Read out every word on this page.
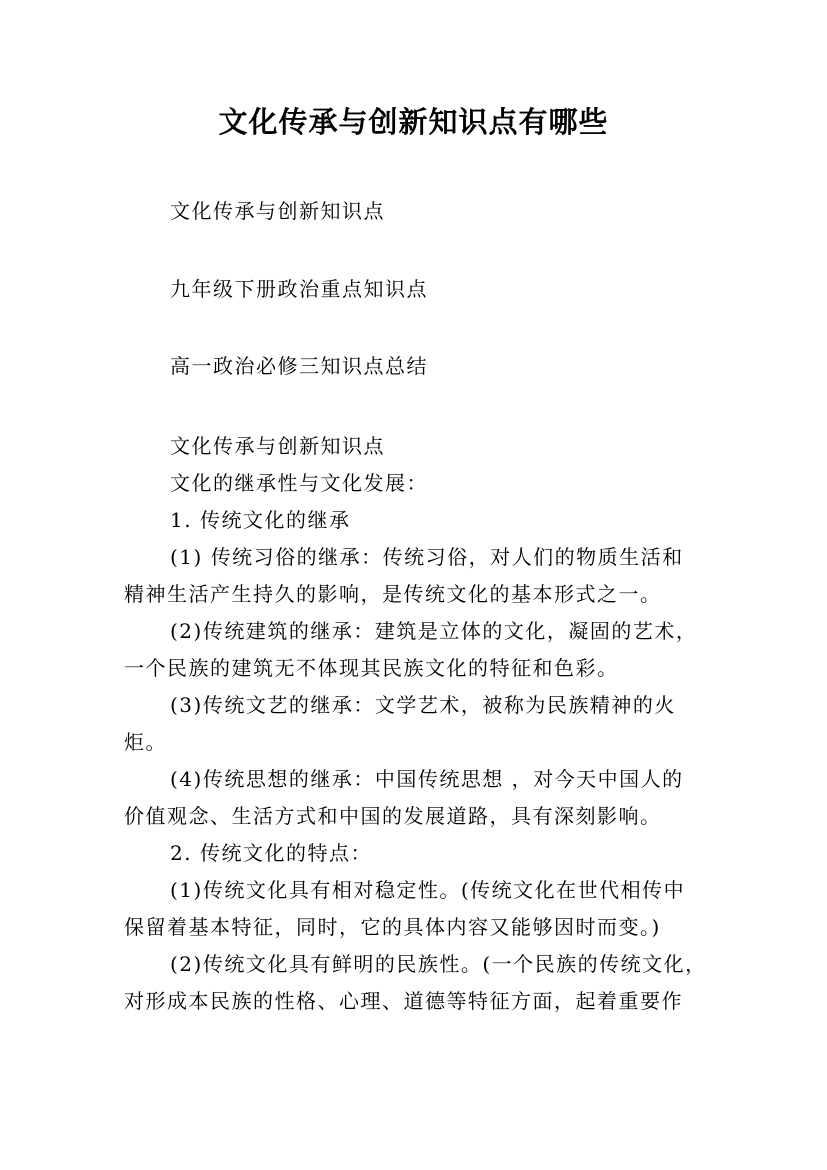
文化传承与创新知识点有哪些

文化传承与创新知识点

九年级下册政治重点知识点

高一政治必修三知识点总结

文化传承与创新知识点

文化的继承性与文化发展：

1. 传统文化的继承

(1) 传统习俗的继承：传统习俗，对人们的物质生活和

精神生活产生持久的影响，是传统文化的基本形式之一。

(2)传统建筑的继承：建筑是立体的文化，凝固的艺术，

一个民族的建筑无不体现其民族文化的特征和色彩。

(3)传统文艺的继承：文学艺术，被称为民族精神的火

炬。

(4)传统思想的继承：中国传统思想 ，对今天中国人的

价值观念、生活方式和中国的发展道路，具有深刻影响。

2. 传统文化的特点：

(1)传统文化具有相对稳定性。(传统文化在世代相传中

保留着基本特征，同时，它的具体内容又能够因时而变。)

(2)传统文化具有鲜明的民族性。(一个民族的传统文化，

对形成本民族的性格、心理、道德等特征方面，起着重要作
